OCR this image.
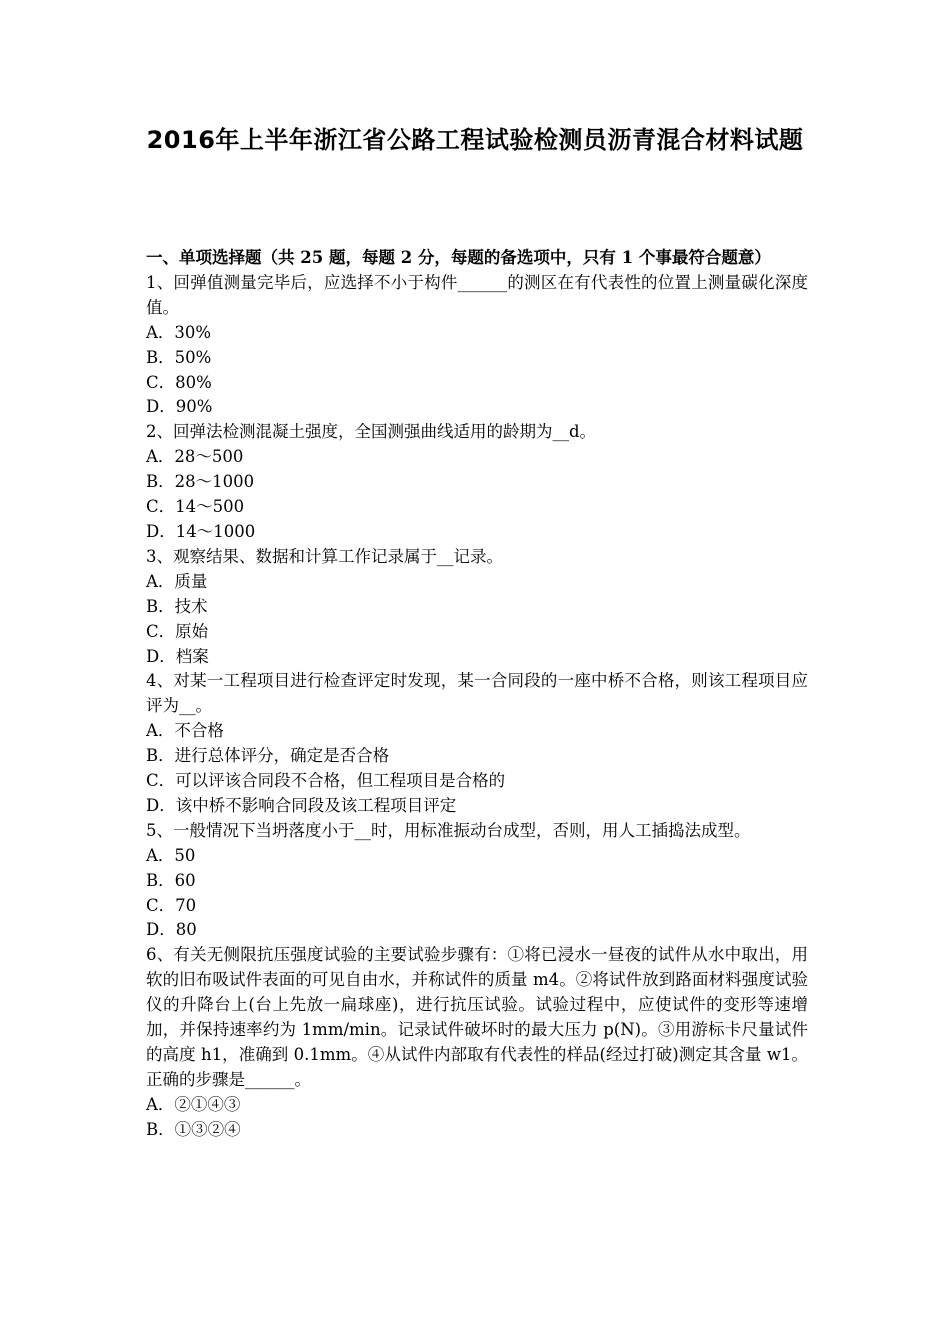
2016年上半年浙江省公路工程试验检测员沥青混合材料试题
一、单项选择题（共 25 题，每题 2 分，每题的备选项中，只有 1 个事最符合题意）
1、回弹值测量完毕后，应选择不小于构件______的测区在有代表性的位置上测量碳化深度值。
A．30%
B．50%
C．80%
D．90%
2、回弹法检测混凝土强度，全国测强曲线适用的龄期为__d。
A．28～500
B．28～1000
C．14～500
D．14～1000
3、观察结果、数据和计算工作记录属于__记录。
A．质量
B．技术
C．原始
D．档案
4、对某一工程项目进行检查评定时发现，某一合同段的一座中桥不合格，则该工程项目应评为__。
A．不合格
B．进行总体评分，确定是否合格
C．可以评该合同段不合格，但工程项目是合格的
D．该中桥不影响合同段及该工程项目评定
5、一般情况下当坍落度小于__时，用标准振动台成型，否则，用人工插捣法成型。
A．50
B．60
C．70
D．80
6、有关无侧限抗压强度试验的主要试验步骤有：①将已浸水一昼夜的试件从水中取出，用软的旧布吸试件表面的可见自由水，并称试件的质量 m4。②将试件放到路面材料强度试验仪的升降台上(台上先放一扁球座)，进行抗压试验。试验过程中，应使试件的变形等速增加，并保持速率约为 1mm/min。记录试件破坏时的最大压力 p(N)。③用游标卡尺量试件的高度 h1，准确到 0.1mm。④从试件内部取有代表性的样品(经过打破)测定其含量 w1。正确的步骤是______。
A．②①④③
B．①③②④
